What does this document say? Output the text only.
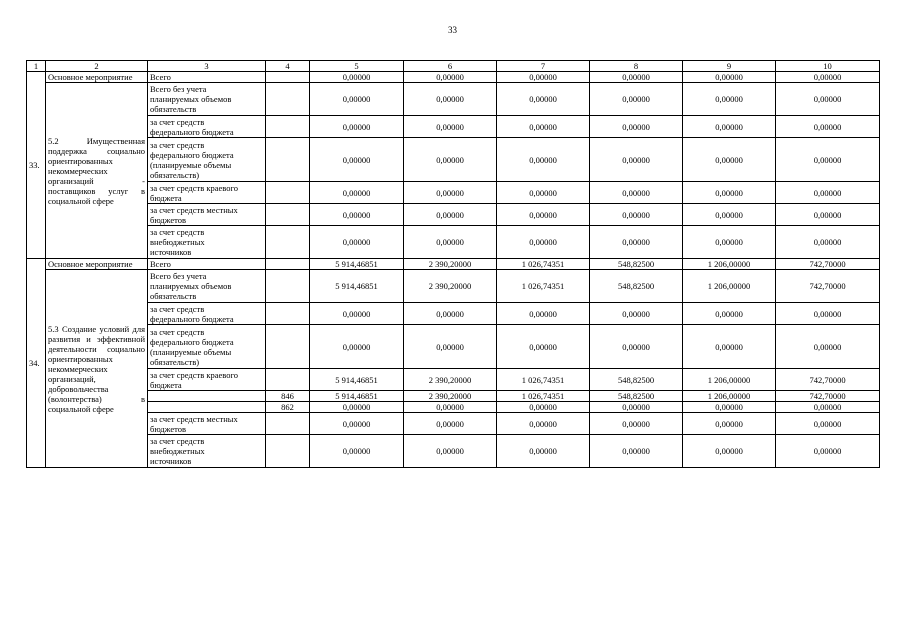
33
1	2	3	4	5	6	7	8	9	10
33.	Основное мероприятие	Всего		0,00000	0,00000	0,00000	0,00000	0,00000	0,00000
	5.2 Имущественная поддержка социально ориентированных некоммерческих организаций - поставщиков услуг в социальной сфере	Всего без учета
планируемых объемов
обязательств		0,00000	0,00000	0,00000	0,00000	0,00000	0,00000

		за счет средств
федерального бюджета		0,00000	0,00000	0,00000	0,00000	0,00000	0,00000

		за счет средств
федерального бюджета
(планируемые объемы
обязательств)		0,00000	0,00000	0,00000	0,00000	0,00000	0,00000

		за счет средств краевого
бюджета		0,00000	0,00000	0,00000	0,00000	0,00000	0,00000

		за счет средств местных
бюджетов		0,00000	0,00000	0,00000	0,00000	0,00000	0,00000

		за счет средств
внебюджетных
источников		0,00000	0,00000	0,00000	0,00000	0,00000	0,00000
34.	Основное мероприятие	Всего		5 914,46851	2 390,20000	1 026,74351	548,82500	1 206,00000	742,70000
	5.3 Создание условий для развития и эффективной деятельности социально ориентированных некоммерческих организаций, добровольчества (волонтерства) в социальной сфере	Всего без учета
планируемых объемов
обязательств		5 914,46851	2 390,20000	1 026,74351	548,82500	1 206,00000	742,70000

		за счет средств
федерального бюджета		0,00000	0,00000	0,00000	0,00000	0,00000	0,00000

		за счет средств
федерального бюджета
(планируемые объемы
обязательств)		0,00000	0,00000	0,00000	0,00000	0,00000	0,00000

		за счет средств краевого
бюджета		5 914,46851	2 390,20000	1 026,74351	548,82500	1 206,00000	742,70000
			846	5 914,46851	2 390,20000	1 026,74351	548,82500	1 206,00000	742,70000
			862	0,00000	0,00000	0,00000	0,00000	0,00000	0,00000

		за счет средств местных
бюджетов		0,00000	0,00000	0,00000	0,00000	0,00000	0,00000

		за счет средств
внебюджетных
источников		0,00000	0,00000	0,00000	0,00000	0,00000	0,00000
